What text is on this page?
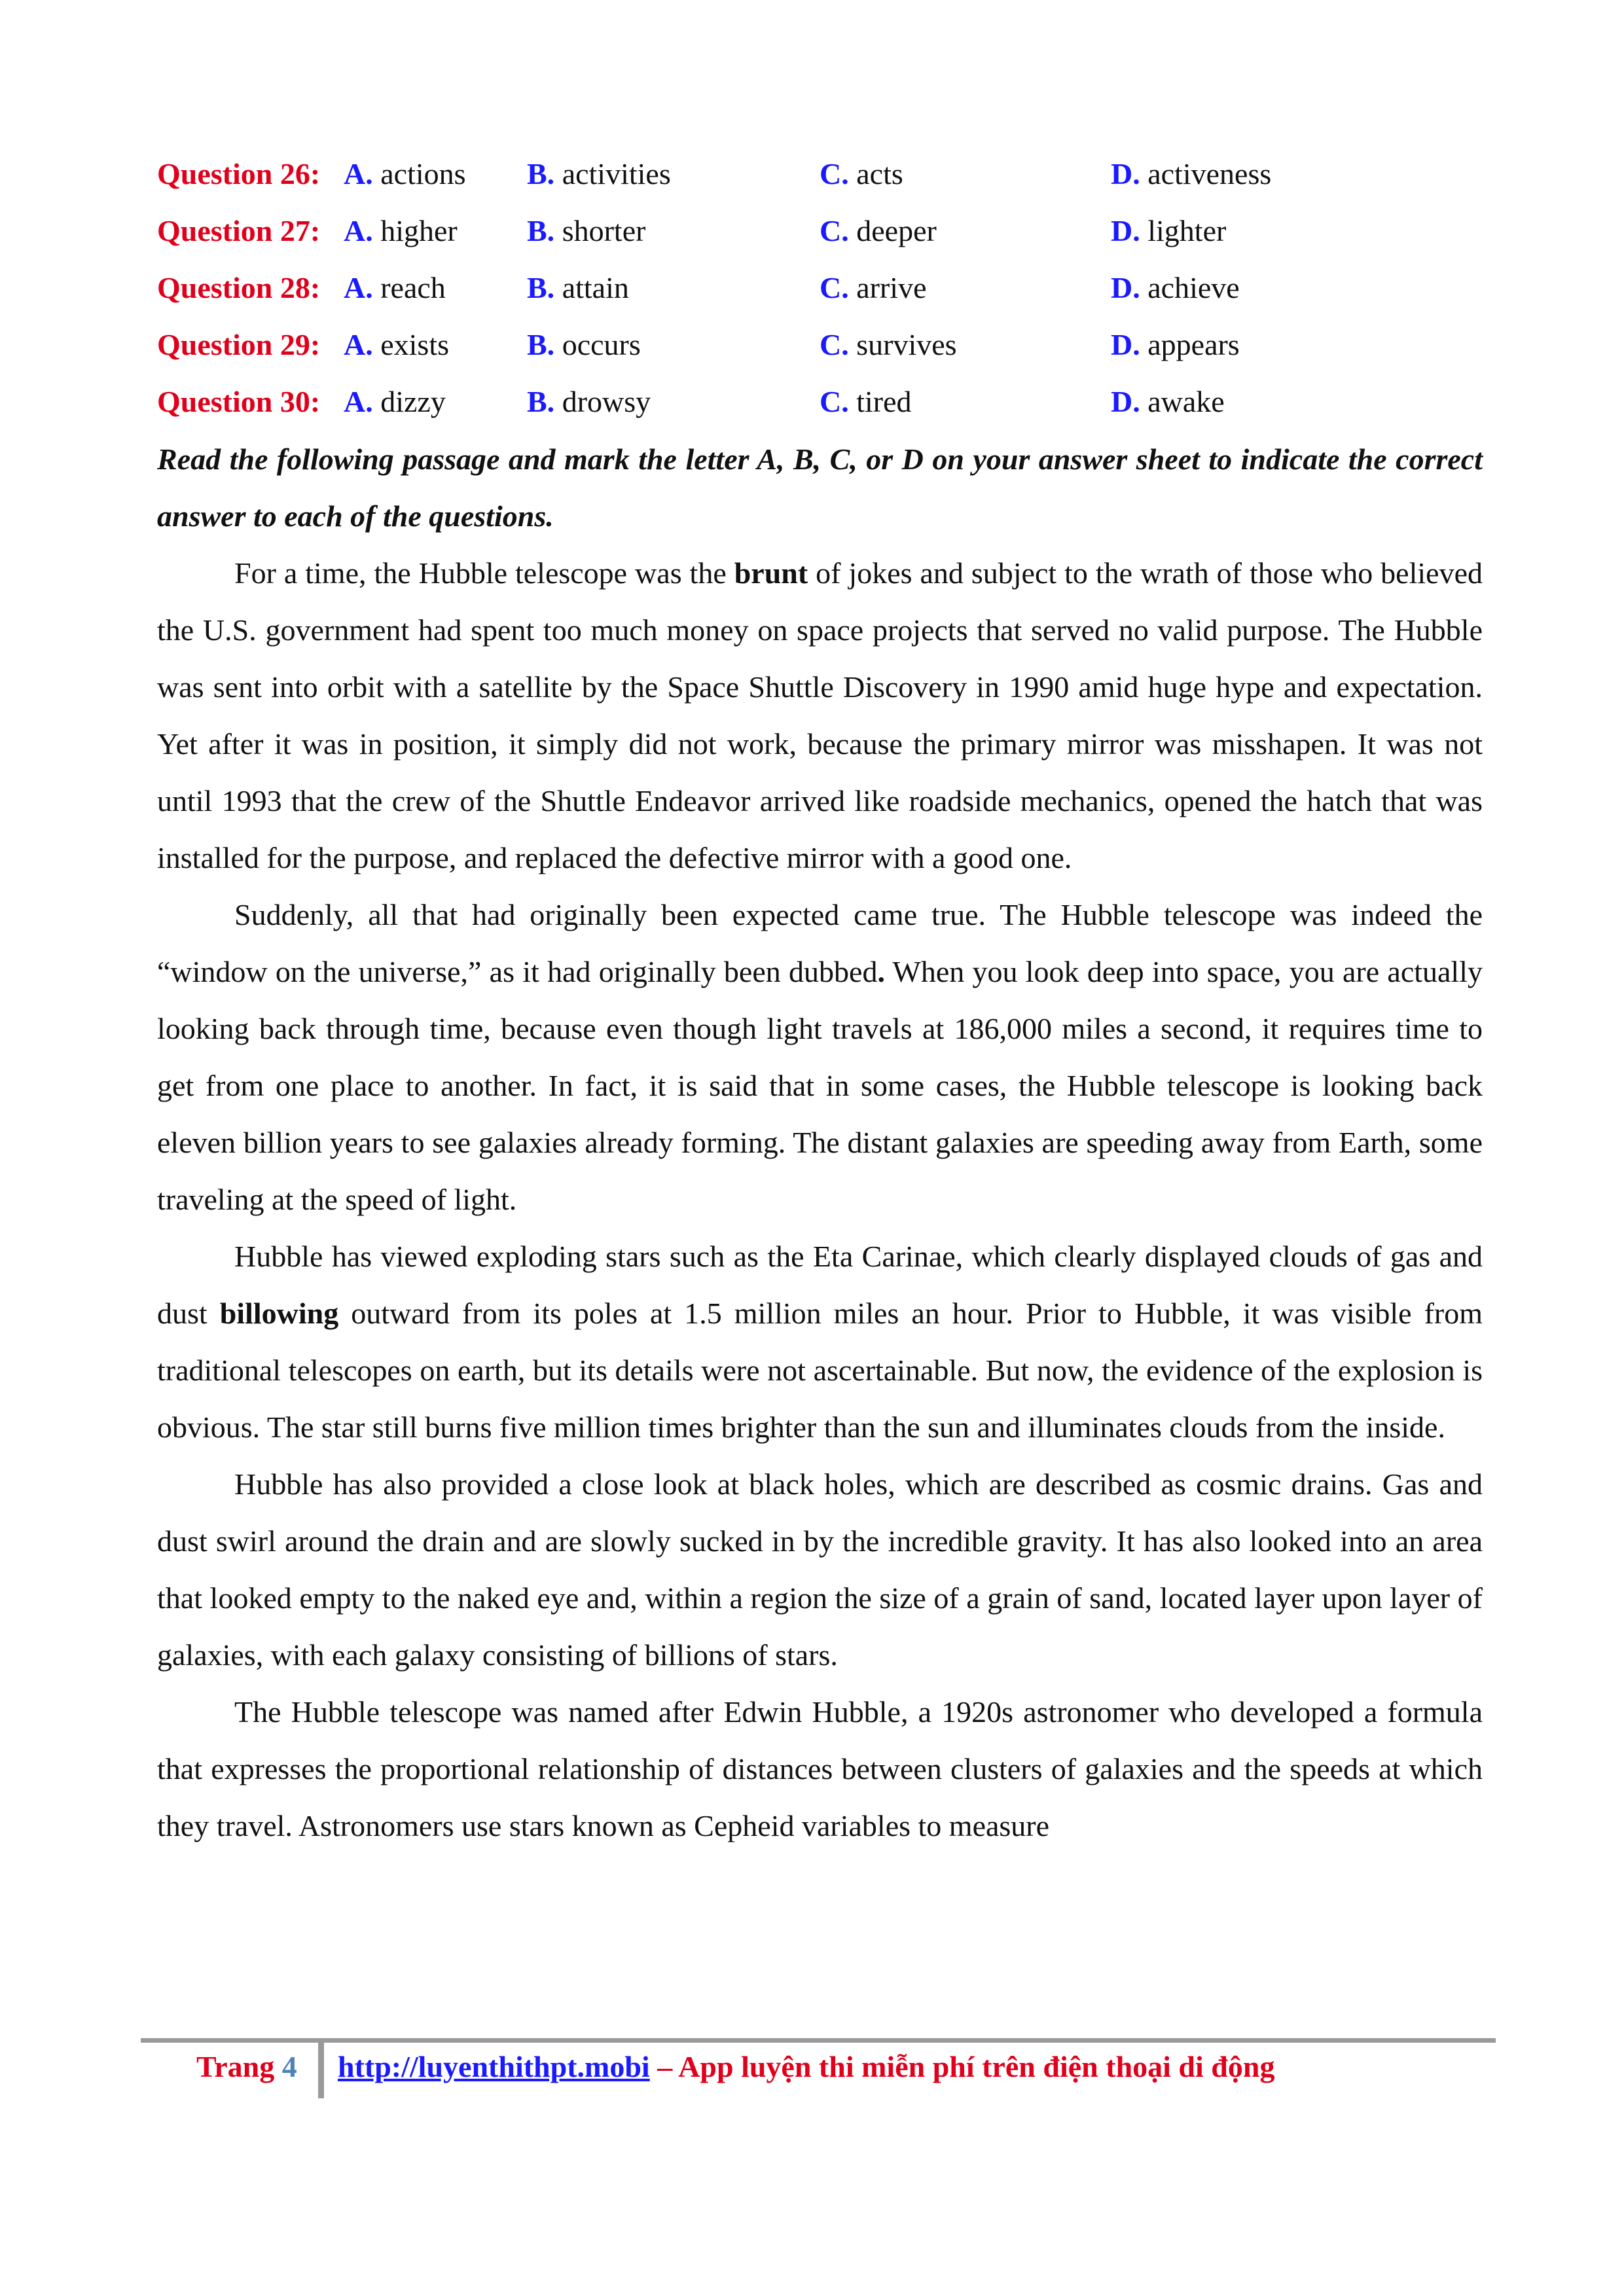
Question 26: A. actions B. activities	C. acts	D. activeness
Question 27: A. higher B. shorter	C. deeper	D. lighter
Question 28: A. reach	B. attain	C. arrive	D. achieve
Question 29: A. exists	B. occurs	C. survives	D. appears
Question 30: A. dizzy	B. drowsy	C. tired	D. awake
Read the following passage and mark the letter A, B, C, or D on your answer sheet to indicate the correct answer to each of the questions.

For a time, the Hubble telescope was the brunt of jokes and subject to the wrath of those who believed the U.S. government had spent too much money on space projects that served no valid purpose. The Hubble was sent into orbit with a satellite by the Space Shuttle Discovery in 1990 amid huge hype and expectation. Yet after it was in position, it simply did not work, because the primary mirror was misshapen. It was not until 1993 that the crew of the Shuttle Endeavor arrived like roadside mechanics, opened the hatch that was installed for the purpose, and replaced the defective mirror with a good one.

Suddenly, all that had originally been expected came true. The Hubble telescope was indeed the “window on the universe,” as it had originally been dubbed. When you look deep into space, you are actually looking back through time, because even though light travels at 186,000 miles a second, it requires time to get from one place to another. In fact, it is said that in some cases, the Hubble telescope is looking back eleven billion years to see galaxies already forming. The distant galaxies are speeding away from Earth, some traveling at the speed of light.

Hubble has viewed exploding stars such as the Eta Carinae, which clearly displayed clouds of gas and dust billowing outward from its poles at 1.5 million miles an hour. Prior to Hubble, it was visible from traditional telescopes on earth, but its details were not ascertainable. But now, the evidence of the explosion is obvious. The star still burns five million times brighter than the sun and illuminates clouds from the inside.

Hubble has also provided a close look at black holes, which are described as cosmic drains. Gas and dust swirl around the drain and are slowly sucked in by the incredible gravity. It has also looked into an area that looked empty to the naked eye and, within a region the size of a grain of sand, located layer upon layer of galaxies, with each galaxy consisting of billions of stars.

The Hubble telescope was named after Edwin Hubble, a 1920s astronomer who developed a formula that expresses the proportional relationship of distances between clusters of galaxies and the speeds at which they travel. Astronomers use stars known as Cepheid variables to measure

Trang 4 http://luyenthithpt.mobi – App luyện thi miễn phí trên điện thoại di động
